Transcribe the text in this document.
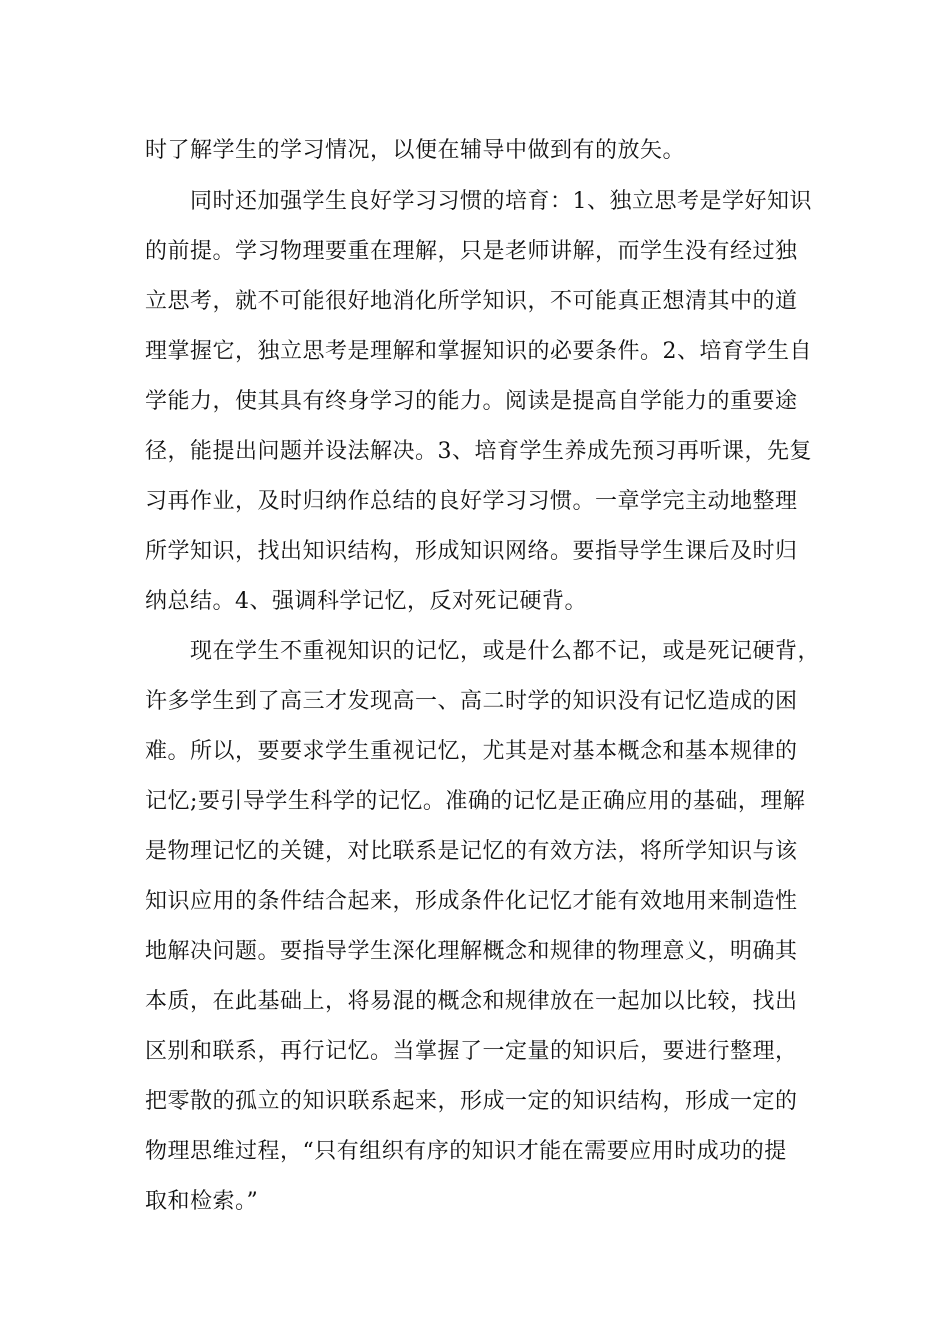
时了解学生的学习情况，以便在辅导中做到有的放矢。
同时还加强学生良好学习习惯的培育：1、独立思考是学好知识
的前提。学习物理要重在理解，只是老师讲解，而学生没有经过独
立思考，就不可能很好地消化所学知识，不可能真正想清其中的道
理掌握它，独立思考是理解和掌握知识的必要条件。2、培育学生自
学能力，使其具有终身学习的能力。阅读是提高自学能力的重要途
径，能提出问题并设法解决。3、培育学生养成先预习再听课，先复
习再作业，及时归纳作总结的良好学习习惯。一章学完主动地整理
所学知识，找出知识结构，形成知识网络。要指导学生课后及时归
纳总结。4、强调科学记忆，反对死记硬背。
现在学生不重视知识的记忆，或是什么都不记，或是死记硬背，
许多学生到了高三才发现高一、高二时学的知识没有记忆造成的困
难。所以，要要求学生重视记忆，尤其是对基本概念和基本规律的
记忆;要引导学生科学的记忆。准确的记忆是正确应用的基础，理解
是物理记忆的关键，对比联系是记忆的有效方法，将所学知识与该
知识应用的条件结合起来，形成条件化记忆才能有效地用来制造性
地解决问题。要指导学生深化理解概念和规律的物理意义，明确其
本质，在此基础上，将易混的概念和规律放在一起加以比较，找出
区别和联系，再行记忆。当掌握了一定量的知识后，要进行整理，
把零散的孤立的知识联系起来，形成一定的知识结构，形成一定的
物理思维过程，“只有组织有序的知识才能在需要应用时成功的提
取和检索。”
